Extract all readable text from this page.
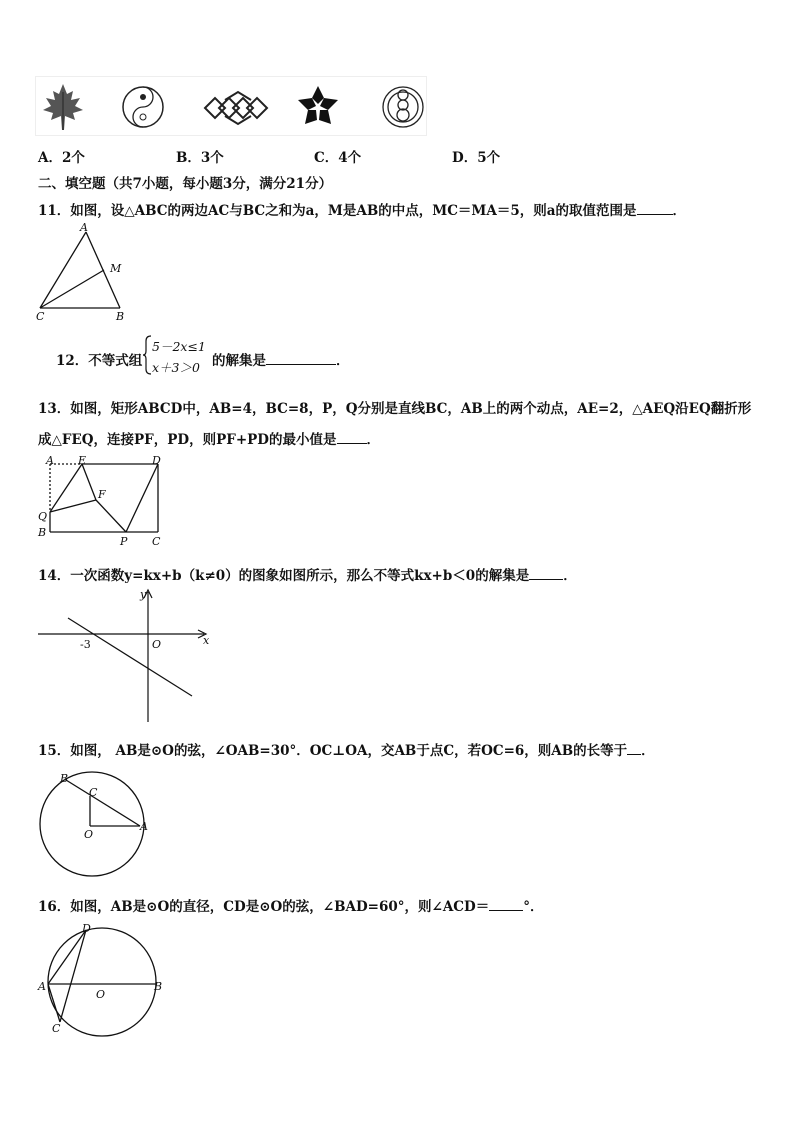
A．2个	B．3个	C．4个	D．5个
二、填空题（共7小题，每小题3分，满分21分）
11．如图，设△ABC的两边AC与BC之和为a，M是AB的中点，MC＝MA＝5，则a的取值范围是	．
A
M
C	B
12．不等式组
5－2x≤1
x＋3＞0 的解集是	．
13．如图，矩形ABCD中，AB=4，BC=8，P，Q分别是直线BC，AB上的两个动点，AE=2，△AEQ沿EQ翻折形
成△FEQ，连接PF，PD，则PF+PD的最小值是 ．
A E	D
F
Q
B
P C
14．一次函数y=kx+b（k≠0）的图象如图所示，那么不等式kx+b＜0的解集是	．
y
x
-3	O
15．如图， AB是⊙O的弦，∠OAB=30°．OC⊥OA，交AB于点C，若OC=6，则AB的长等于 ．
B
C
O
A
16．如图，AB是⊙O的直径，CD是⊙O的弦，∠BAD=60°，则∠ACD＝	°．
D
A
O
B
C
